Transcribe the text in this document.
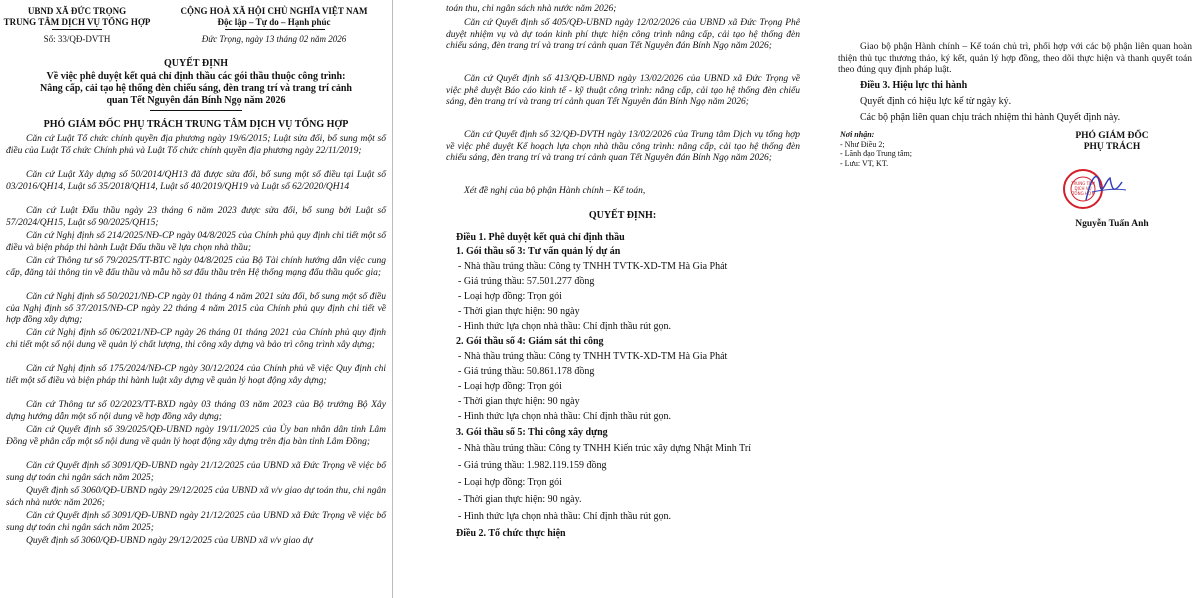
UBND XÃ ĐỨC TRỌNG
TRUNG TÂM DỊCH VỤ TỔNG HỢP
Số: 33/QĐ-DVTH
CỘNG HOÀ XÃ HỘI CHỦ NGHĨA VIỆT NAM
Độc lập – Tự do – Hạnh phúc
Đức Trọng, ngày 13 tháng 02 năm 2026
QUYẾT ĐỊNH
Về việc phê duyệt kết quả chỉ định thầu các gói thầu thuộc công trình:
Nâng cấp, cải tạo hệ thống đèn chiếu sáng, đèn trang trí và trang trí cảnh
quan Tết Nguyên đán Bính Ngọ năm 2026
PHÓ GIÁM ĐỐC PHỤ TRÁCH TRUNG TÂM DỊCH VỤ TỔNG HỢP
Căn cứ Luật Tổ chức chính quyền địa phương ngày 19/6/2015; Luật sửa đổi, bổ sung một số điều của Luật Tổ chức Chính phủ và Luật Tổ chức chính quyền địa phương ngày 22/11/2019;
Căn cứ Luật Xây dựng số 50/2014/QH13 đã được sửa đổi, bổ sung một số điều tại Luật số 03/2016/QH14, Luật số 35/2018/QH14, Luật số 40/2019/QH19 và Luật số 62/2020/QH14
Căn cứ Luật Đấu thầu ngày 23 tháng 6 năm 2023 được sửa đổi, bổ sung bởi Luật số 57/2024/QH15, Luật số 90/2025/QH15;
Căn cứ Nghị định số 214/2025/NĐ-CP ngày 04/8/2025 của Chính phủ quy định chi tiết một số điều và biện pháp thi hành Luật Đấu thầu về lựa chọn nhà thầu;
Căn cứ Thông tư số 79/2025/TT-BTC ngày 04/8/2025 của Bộ Tài chính hướng dẫn việc cung cấp, đăng tải thông tin về đấu thầu và mẫu hồ sơ đấu thầu trên Hệ thống mạng đấu thầu quốc gia;
Căn cứ Nghị định số 50/2021/NĐ-CP ngày 01 tháng 4 năm 2021 sửa đổi, bổ sung một số điều của Nghị định số 37/2015/NĐ-CP ngày 22 tháng 4 năm 2015 của Chính phủ quy định chi tiết về hợp đồng xây dựng;
Căn cứ Nghị định số 06/2021/NĐ-CP ngày 26 tháng 01 tháng 2021 của Chính phủ quy định chi tiết một số nội dung về quản lý chất lượng, thi công xây dựng và bảo trì công trình xây dựng;
Căn cứ Nghị định số 175/2024/NĐ-CP ngày 30/12/2024 của Chính phủ về việc Quy định chi tiết một số điều và biện pháp thi hành luật xây dựng về quản lý hoạt động xây dựng;
Căn cứ Thông tư số 02/2023/TT-BXD ngày 03 tháng 03 năm 2023 của Bộ trưởng Bộ Xây dựng hướng dẫn một số nội dung về hợp đồng xây dựng;
Căn cứ Quyết định số 39/2025/QĐ-UBND ngày 19/11/2025 của Ủy ban nhân dân tỉnh Lâm Đồng về phân cấp một số nội dung về quản lý hoạt động xây dựng trên địa bàn tỉnh Lâm Đồng;
Căn cứ Quyết định số 3091/QĐ-UBND ngày 21/12/2025 của UBND xã Đức Trọng về việc bổ sung dự toán chi ngân sách năm 2025;
Quyết định số 3060/QĐ-UBND ngày 29/12/2025 của UBND xã v/v giao dự toán thu, chi ngân sách nhà nước năm 2026;
Căn cứ Quyết định số 3091/QĐ-UBND ngày 21/12/2025 của UBND xã Đức Trọng về việc bổ sung dự toán chi ngân sách năm 2025;
Quyết định số 3060/QĐ-UBND ngày 29/12/2025 của UBND xã v/v giao dự
toán thu, chi ngân sách nhà nước năm 2026;
Căn cứ Quyết định số 405/QĐ-UBND ngày 12/02/2026 của UBND xã Đức Trọng Phê duyệt nhiệm vụ và dự toán kinh phí thực hiện công trình nâng cấp, cải tạo hệ thống đèn chiếu sáng, đèn trang trí và trang trí cảnh quan Tết Nguyên đán Bính Ngọ năm 2026;
Căn cứ Quyết định số 413/QĐ-UBND ngày 13/02/2026 của UBND xã Đức Trọng về việc phê duyệt Báo cáo kinh tế - kỹ thuật công trình: nâng cấp, cải tạo hệ thống đèn chiếu sáng, đèn trang trí và trang trí cảnh quan Tết Nguyên đán Bính Ngọ năm 2026;
Căn cứ Quyết định số 32/QĐ-DVTH ngày 13/02/2026 của Trung tâm Dịch vụ tổng hợp về việc phê duyệt Kế hoạch lựa chọn nhà thầu công trình: nâng cấp, cải tạo hệ thống đèn chiếu sáng, đèn trang trí và trang trí cảnh quan Tết Nguyên đán Bính Ngọ năm 2026;
Xét đề nghị của bộ phận Hành chính – Kế toán,
QUYẾT ĐỊNH:
Điều 1. Phê duyệt kết quả chỉ định thầu
1. Gói thầu số 3: Tư vấn quản lý dự án
- Nhà thầu trúng thầu: Công ty TNHH TVTK-XD-TM Hà Gia Phát
- Giá trúng thầu: 57.501.277 đồng
- Loại hợp đồng: Trọn gói
- Thời gian thực hiện: 90 ngày
- Hình thức lựa chọn nhà thầu: Chỉ định thầu rút gọn.
2. Gói thầu số 4: Giám sát thi công
- Nhà thầu trúng thầu: Công ty TNHH TVTK-XD-TM Hà Gia Phát
- Giá trúng thầu: 50.861.178 đồng
- Loại hợp đồng: Trọn gói
- Thời gian thực hiện: 90 ngày
- Hình thức lựa chọn nhà thầu: Chỉ định thầu rút gọn.
3. Gói thầu số 5: Thi công xây dựng
- Nhà thầu trúng thầu: Công ty TNHH Kiến trúc xây dựng Nhật Minh Trí
- Giá trúng thầu: 1.982.119.159 đồng
- Loại hợp đồng: Trọn gói
- Thời gian thực hiện: 90 ngày.
- Hình thức lựa chọn nhà thầu: Chỉ định thầu rút gọn.
Điều 2. Tổ chức thực hiện
Giao bộ phận Hành chính – Kế toán chủ trì, phối hợp với các bộ phận liên quan hoàn thiện thủ tục thương thảo, ký kết, quản lý hợp đồng, theo dõi thực hiện và thanh quyết toán theo đúng quy định pháp luật.
Điều 3. Hiệu lực thi hành
Quyết định có hiệu lực kể từ ngày ký.
Các bộ phận liên quan chịu trách nhiệm thi hành Quyết định này.
Nơi nhận:
- Như Điều 2;
- Lãnh đạo Trung tâm;
- Lưu: VT, KT.
PHÓ GIÁM ĐỐC
PHỤ TRÁCH
Nguyễn Tuấn Anh
TRUNG TÂM
DỊCH VỤ
TỔNG HỢP
